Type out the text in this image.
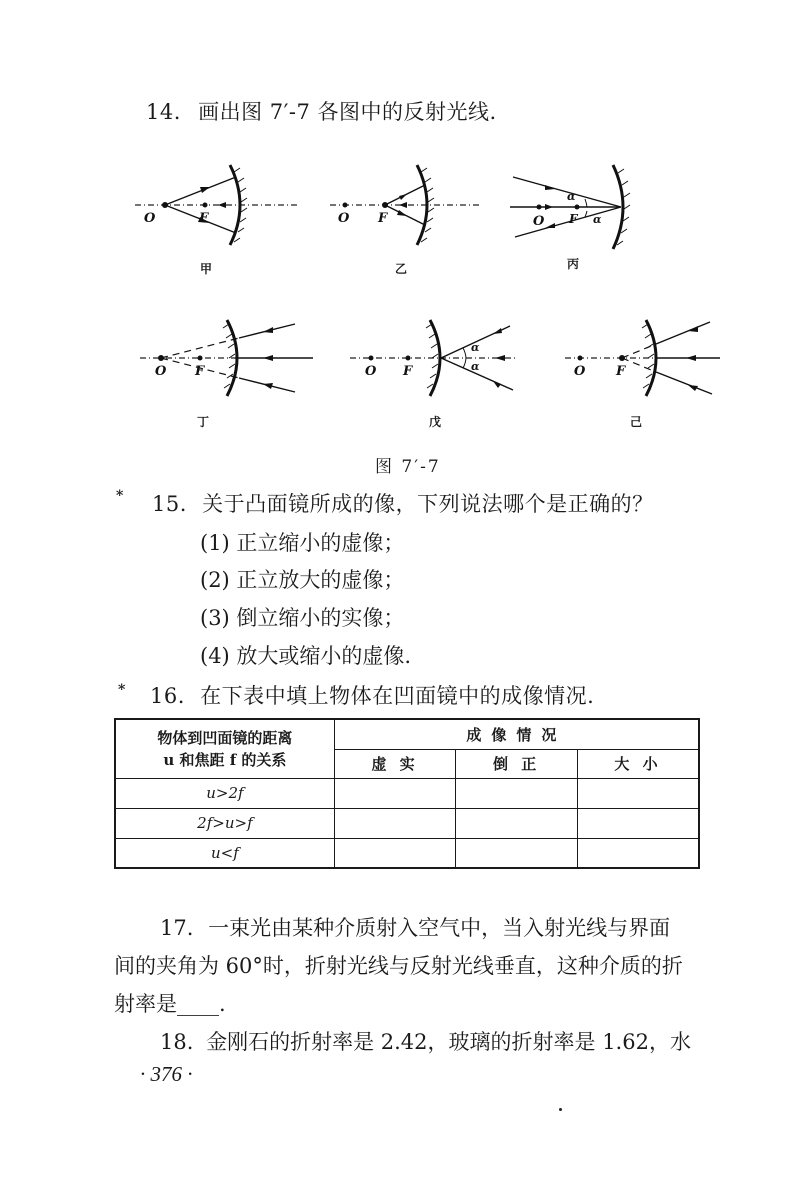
14. 画出图 7′-7 各图中的反射光线.
O	F
甲
O F
乙
α
α
O F
丙
O F
丁
α
α
O F
戊
O F
己
图 7′-7
* 15. 关于凸面镜所成的像，下列说法哪个是正确的？
(1) 正立缩小的虚像；
(2) 正立放大的虚像；
(3) 倒立缩小的实像；
(4) 放大或缩小的虚像.
* 16. 在下表中填上物体在凹面镜中的成像情况.
物体到凹面镜的距离
u 和焦距 f 的关系	成像情况		
	虚 实	倒 正	大 小
u>2f			
2f>u>f			
u<f			
17. 一束光由某种介质射入空气中，当入射光线与界面
间的夹角为 60°时，折射光线与反射光线垂直，这种介质的折
射率是____.
18. 金刚石的折射率是 2.42，玻璃的折射率是 1.62，水
· 376 ·
